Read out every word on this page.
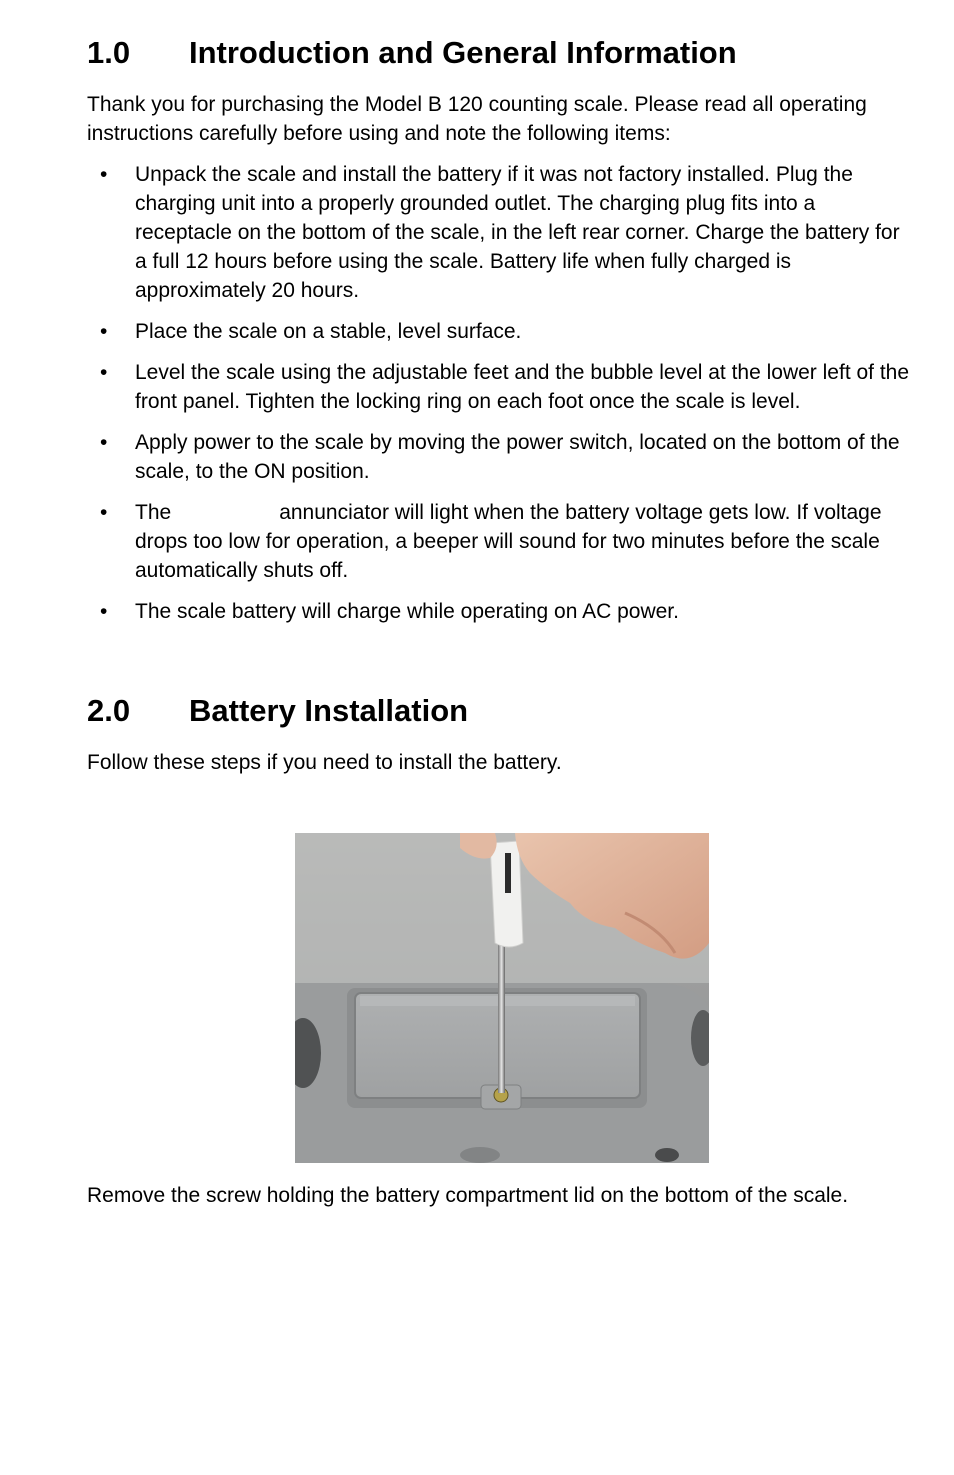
1.0	Introduction and General Information

Thank you for purchasing the Model B 120 counting scale. Please read all operating instructions carefully before using and note the following items:

• Unpack the scale and install the battery if it was not factory installed. Plug the charging unit into a properly grounded outlet. The charging plug fits into a receptacle on the bottom of the scale, in the left rear corner. Charge the battery for a full 12 hours before using the scale. Battery life when fully charged is approximately 20 hours.
• Place the scale on a stable, level surface.
• Level the scale using the adjustable feet and the bubble level at the lower left of the front panel. Tighten the locking ring on each foot once the scale is level.
• Apply power to the scale by moving the power switch, located on the bottom of the scale, to the ON position.
• The	annunciator will light when the battery voltage gets low. If voltage drops too low for operation, a beeper will sound for two minutes before the scale automatically shuts off.
• The scale battery will charge while operating on AC power.
2.0	Battery Installation

Follow these steps if you need to install the battery.

Remove the screw holding the battery compartment lid on the bottom of the scale.
